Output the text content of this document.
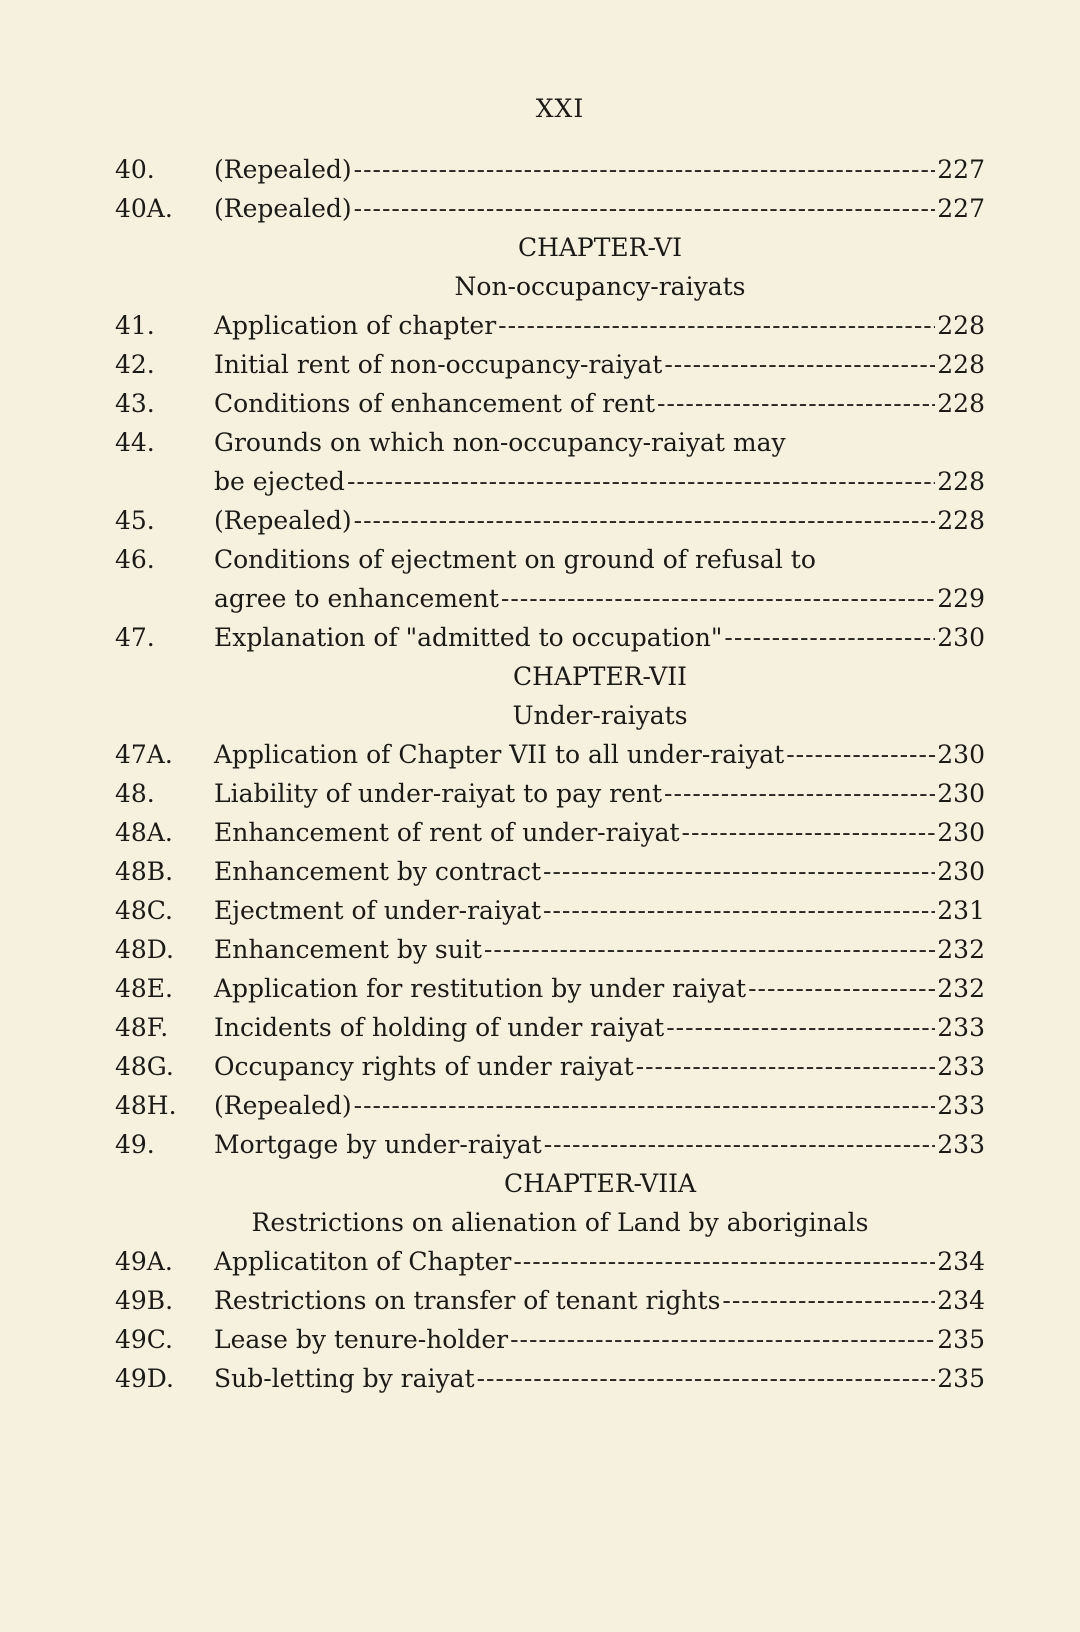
XXI
40. (Repealed) -----	227
40A. (Repealed) -----	227
CHAPTER-VI
Non-occupancy-raiyats
41. Application of chapter -----	228
42. Initial rent of non-occupancy-raiyat -----	228
43. Conditions of enhancement of rent -----	228
44. Grounds on which non-occupancy-raiyat may
be ejected -----	228
45. (Repealed) -----	228
46. Conditions of ejectment on ground of refusal to
agree to enhancement -----	229
47. Explanation of "admitted to occupation" -----	230
CHAPTER-VII
Under-raiyats
47A. Application of Chapter VII to all under-raiyat -----	230
48. Liability of under-raiyat to pay rent -----	230
48A. Enhancement of rent of under-raiyat -----	230
48B. Enhancement by contract -----	230
48C. Ejectment of under-raiyat -----	231
48D. Enhancement by suit -----	232
48E. Application for restitution by under raiyat -----	232
48F. Incidents of holding of under raiyat -----	233
48G. Occupancy rights of under raiyat -----	233
48H. (Repealed) -----	233
49. Mortgage by under-raiyat -----	233
CHAPTER-VIIA
Restrictions on alienation of Land by aboriginals
49A. Applicatiton of Chapter -----	234
49B. Restrictions on transfer of tenant rights -----	234
49C. Lease by tenure-holder -----	235
49D. Sub-letting by raiyat -----	235
